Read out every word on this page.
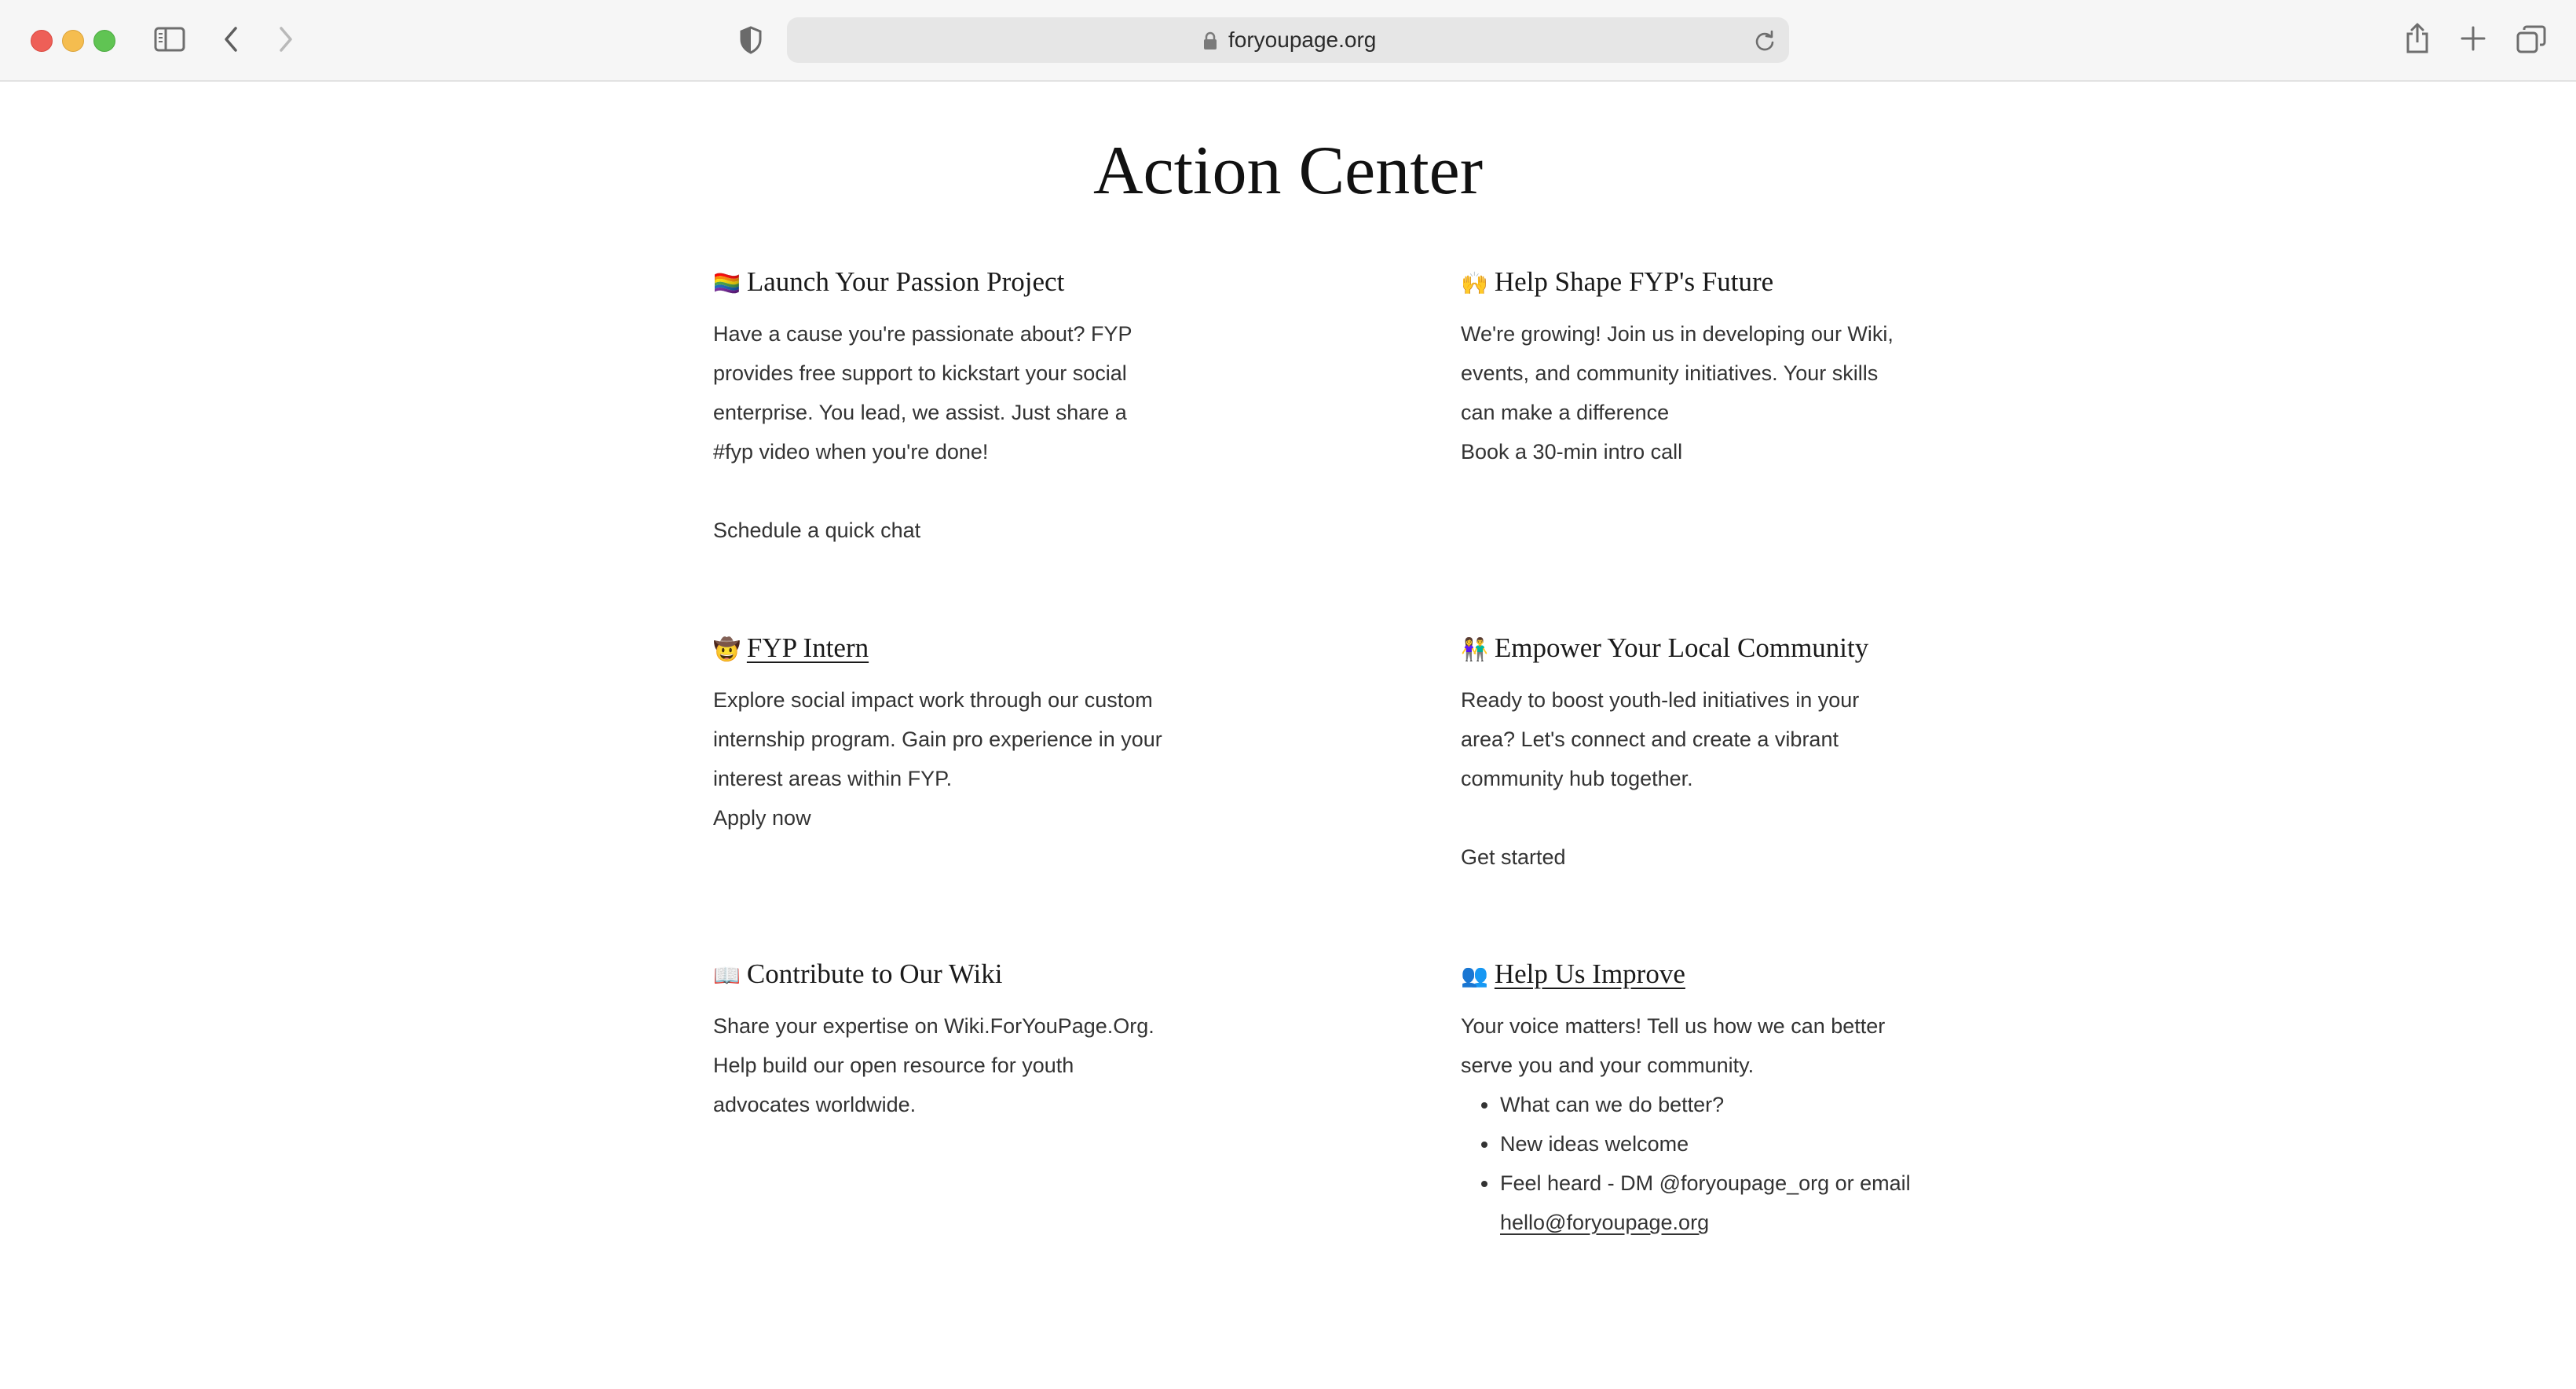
foryoupage.org
Action Center
🏳️‍🌈 Launch Your Passion Project

Have a cause you're passionate about? FYP provides free support to kickstart your social enterprise. You lead, we assist. Just share a #fyp video when you're done!

Schedule a quick chat
🙌 Help Shape FYP's Future

We're growing! Join us in developing our Wiki, events, and community initiatives. Your skills can make a difference

Book a 30-min intro call
🤠 FYP Intern

Explore social impact work through our custom internship program. Gain pro experience in your interest areas within FYP.

Apply now
👫 Empower Your Local Community

Ready to boost youth-led initiatives in your area? Let's connect and create a vibrant community hub together.

Get started
📖 Contribute to Our Wiki

Share your expertise on Wiki.ForYouPage.Org. Help build our open resource for youth advocates worldwide.

👥 Help Us Improve

Your voice matters! Tell us how we can better serve you and your community.

What can we do better?
New ideas welcome
Feel heard - DM @foryoupage_org or email hello@foryoupage.org
